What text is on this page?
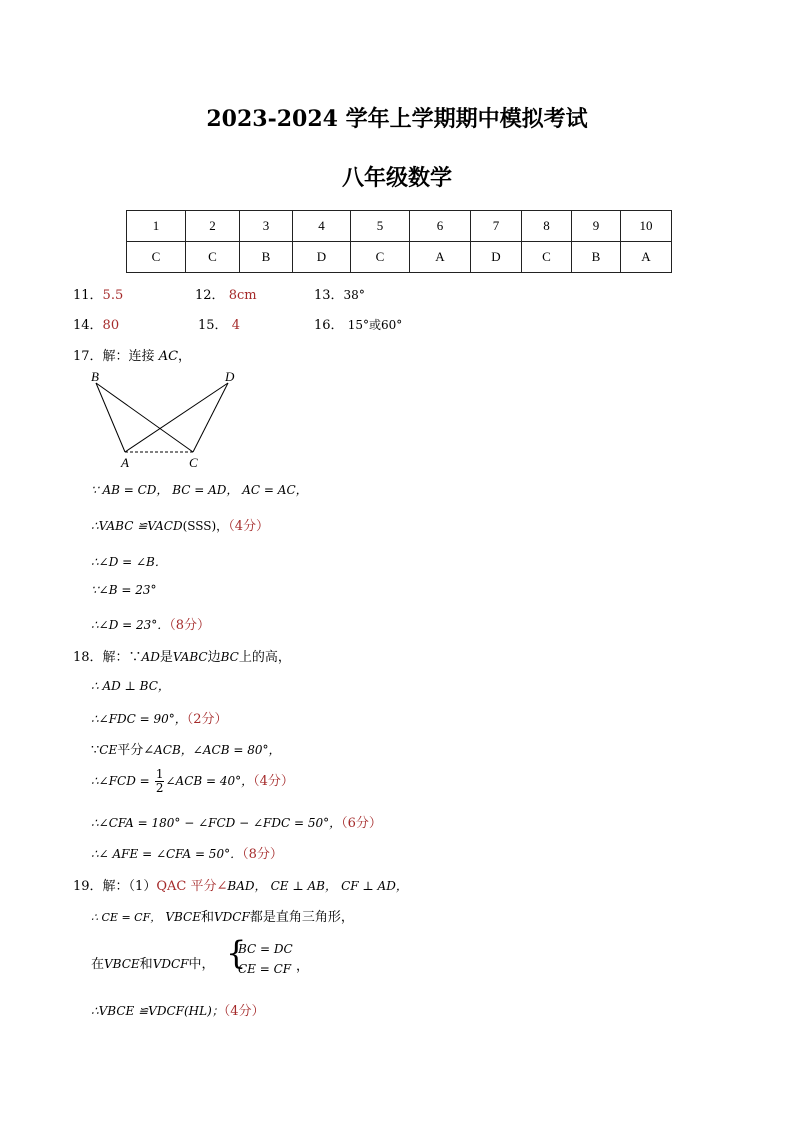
2023-2024 学年上学期期中模拟考试
八年级数学
1	2	3	4	5	6	7	8	9	10
C	C	B	D	C	A	D	C	B	A
11．5.5	12． 8cm	13．38°
14．80	15． 4	16． 15°或60°
17．解：连接 AC，
B	D
A	C
∵ AB = CD， BC = AD， AC = AC，
∴VABC ≌VACD(SSS)，（4分）
∴∠D = ∠B．
∵∠B = 23°
∴∠D = 23°．（8分）
18．解：∵AD是VABC边BC上的高，
∴ AD ⊥ BC，
∴∠FDC = 90°，（2分）
∵CE平分∠ACB，∠ACB = 80°，
∴∠FCD = $\frac{1}{2}$ ∠ACB = 40°，（4分）
∴∠CFA = 180° − ∠FCD − ∠FDC = 50°，（6分）
∴∠ AFE = ∠CFA = 50°．（8分）
19．解：（1）QAC 平分∠BAD， CE ⊥ AB， CF ⊥ AD，
∴ CE = CF， VBCE和VDCF都是直角三角形，
在VBCE和VDCF中， {
BC = DC
CE = CF ，
∴VBCE ≌VDCF(HL)；（4分）
